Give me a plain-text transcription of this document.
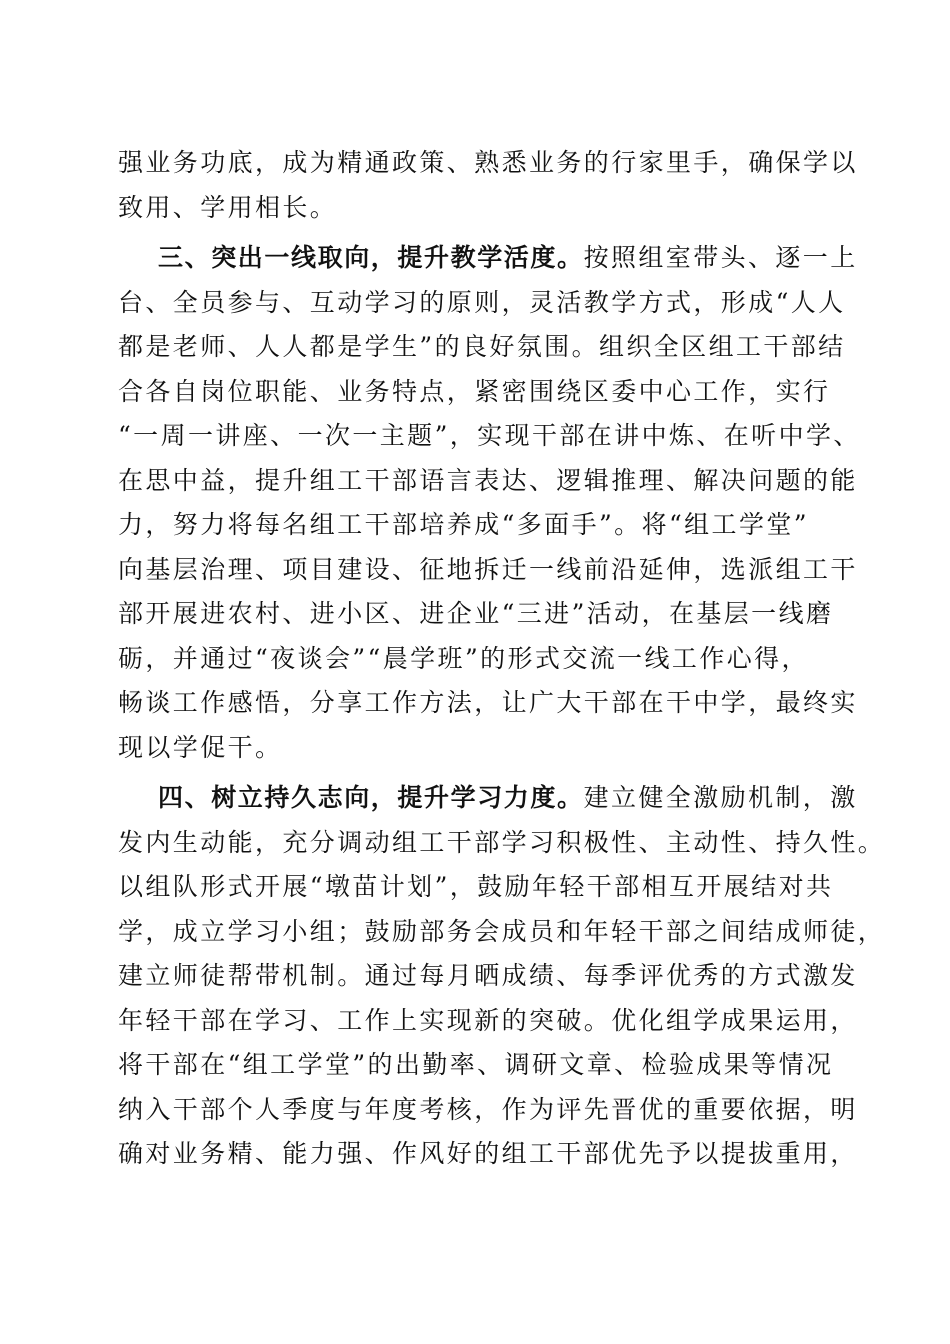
强业务功底，成为精通政策、熟悉业务的行家里手，确保学以
致用、学用相长。
三、突出一线取向，提升教学活度。按照组室带头、逐一上
台、全员参与、互动学习的原则，灵活教学方式，形成“人人
都是老师、人人都是学生”的良好氛围。组织全区组工干部结
合各自岗位职能、业务特点，紧密围绕区委中心工作，实行
“一周一讲座、一次一主题”，实现干部在讲中炼、在听中学、
在思中益，提升组工干部语言表达、逻辑推理、解决问题的能
力，努力将每名组工干部培养成“多面手”。将“组工学堂”
向基层治理、项目建设、征地拆迁一线前沿延伸，选派组工干
部开展进农村、进小区、进企业“三进”活动，在基层一线磨
砺，并通过“夜谈会”“晨学班”的形式交流一线工作心得，
畅谈工作感悟，分享工作方法，让广大干部在干中学，最终实
现以学促干。
四、树立持久志向，提升学习力度。建立健全激励机制，激
发内生动能，充分调动组工干部学习积极性、主动性、持久性。
以组队形式开展“墩苗计划”，鼓励年轻干部相互开展结对共
学，成立学习小组；鼓励部务会成员和年轻干部之间结成师徒，
建立师徒帮带机制。通过每月晒成绩、每季评优秀的方式激发
年轻干部在学习、工作上实现新的突破。优化组学成果运用，
将干部在“组工学堂”的出勤率、调研文章、检验成果等情况
纳入干部个人季度与年度考核，作为评先晋优的重要依据，明
确对业务精、能力强、作风好的组工干部优先予以提拔重用，
